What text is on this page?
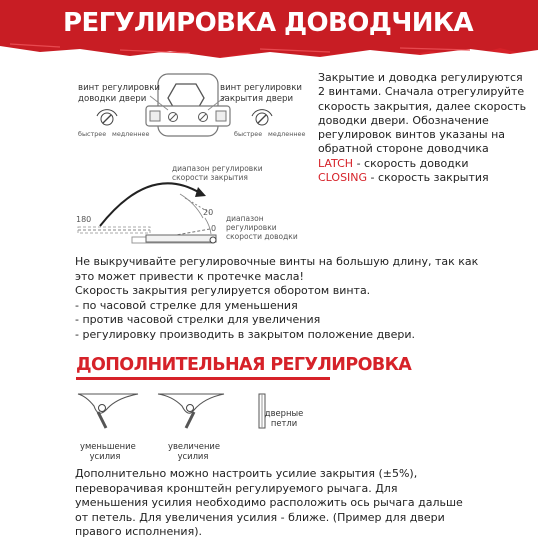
РЕГУЛИРОВКА ДОВОДЧИКА
винт регулировки
доводки двери
винт регулировки
закрытия двери
быстрее медленнее	быстрее медленнее
Закрытие и доводка регулируются 2 винтами. Сначала отрегулируйте скорость закрытия, далее скорость доводки двери. Обозначение регулировок винтов указаны на обратной стороне доводчика
LATCH - скорость доводки
CLOSING - скорость закрытия
диапазон регулировки
скорости закрытия
диапазон
регулировки
скорости доводки
180
20
0
Не выкручивайте регулировочные винты на большую длину, так как
это может привести к протечке масла!
Скорость закрытия регулируется оборотом винта.
- по часовой стрелке для уменьшения
- против часовой стрелки для увеличения
- регулировку производить в закрытом положение двери.
ДОПОЛНИТЕЛЬНАЯ РЕГУЛИРОВКА
уменьшение
усилия
увеличение
усилия
дверные
петли
Дополнительно можно настроить усилие закрытия (±5%),
переворачивая кронштейн регулируемого рычага. Для
уменьшения усилия необходимо расположить ось рычага дальше
от петель. Для увеличения усилия - ближе. (Пример для двери
правого исполнения).
